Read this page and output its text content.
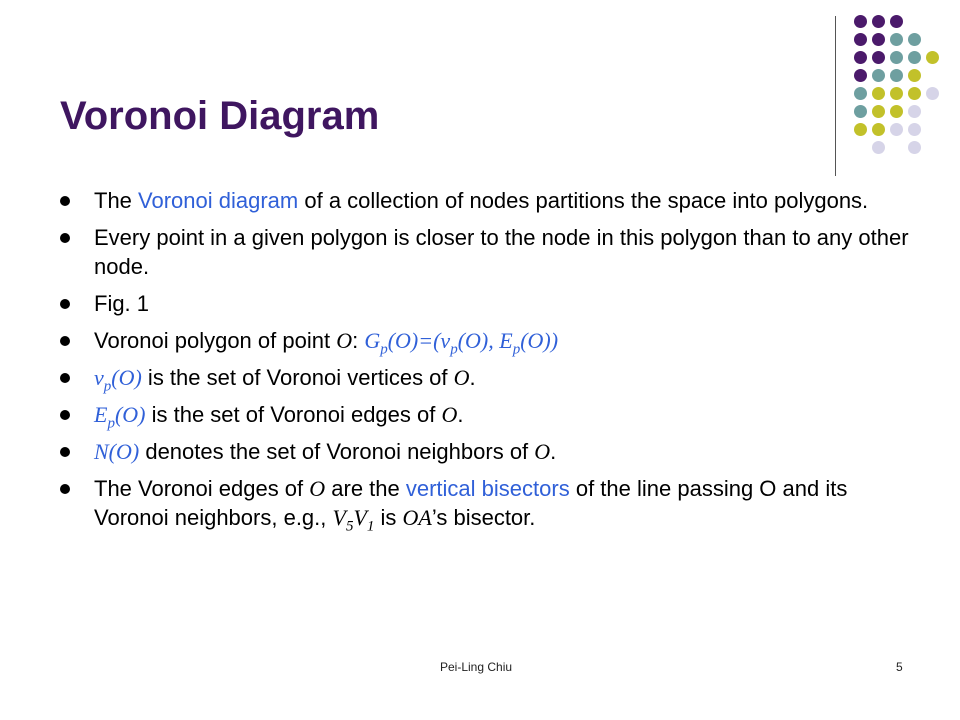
Voronoi Diagram
The Voronoi diagram of a collection of nodes partitions the space into polygons.
Every point in a given polygon is closer to the node in this polygon than to any other node.
Fig. 1
Voronoi polygon of point O: $G_p(O)=(\nu_p(O)$, $E_p(O)$)
$\nu_p(O)$ is the set of Voronoi vertices of O.
$E_p(O)$ is the set of Voronoi edges of O.
N(O) denotes the set of Voronoi neighbors of O.
The Voronoi edges of O are the vertical bisectors of the line passing O and its Voronoi neighbors, e.g., $V_5V_1$ is OA’s bisector.
Pei-Ling Chiu	5
